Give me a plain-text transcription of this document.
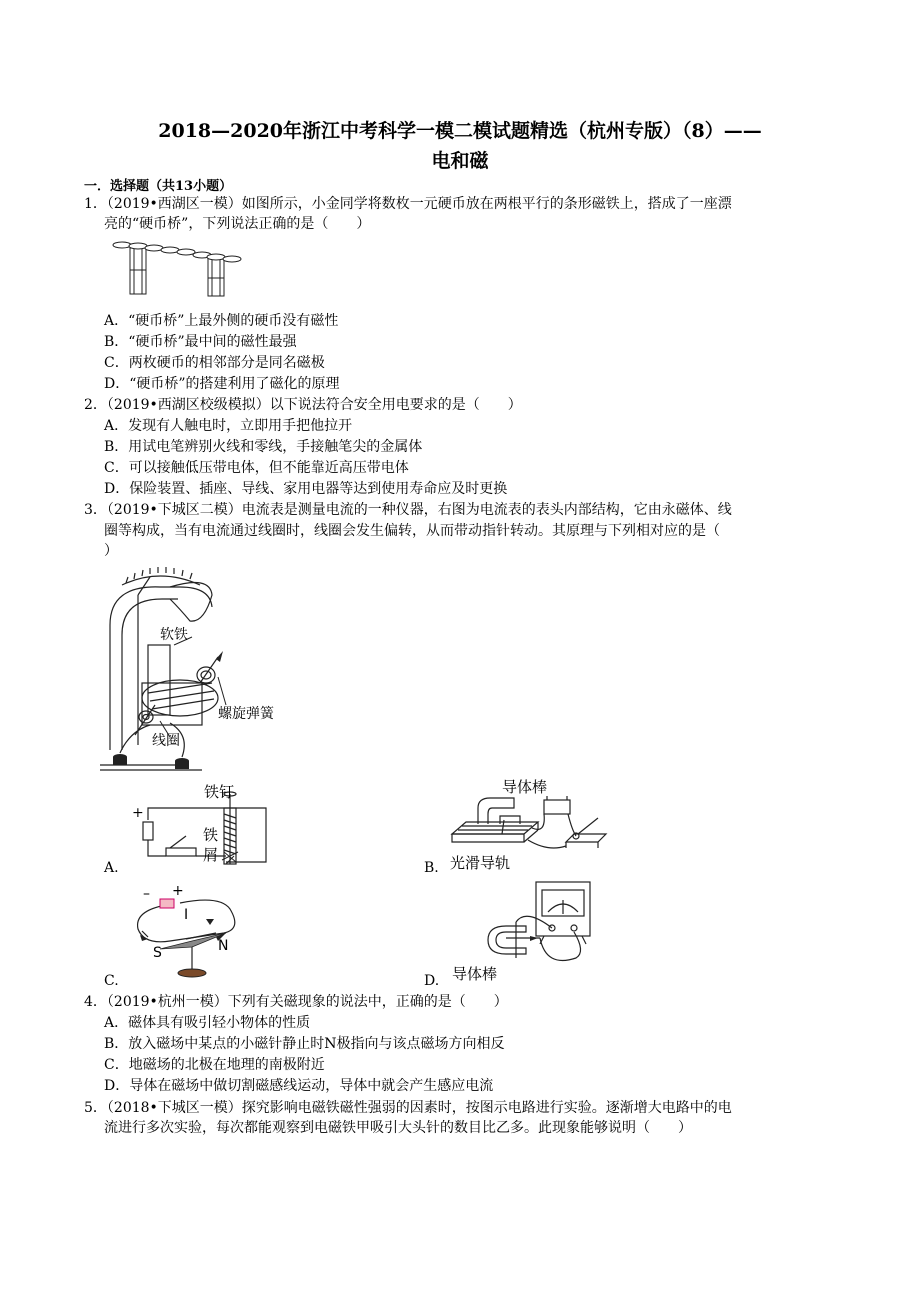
2018—2020年浙江中考科学一模二模试题精选（杭州专版）（8）——
电和磁
一．选择题（共13小题）
1．（2019•西湖区一模）如图所示，小金同学将数枚一元硬币放在两根平行的条形磁铁上，搭成了一座漂
亮的“硬币桥”，下列说法正确的是（　　）
A．“硬币桥”上最外侧的硬币没有磁性
B．“硬币桥”最中间的磁性最强
C．两枚硬币的相邻部分是同名磁极
D．“硬币桥”的搭建利用了磁化的原理
2．（2019•西湖区校级模拟）以下说法符合安全用电要求的是（　　）
A．发现有人触电时，立即用手把他拉开
B．用试电笔辨别火线和零线，手接触笔尖的金属体
C．可以接触低压带电体，但不能靠近高压带电体
D．保险装置、插座、导线、家用电器等达到使用寿命应及时更换
3．（2019•下城区二模）电流表是测量电流的一种仪器，右图为电流表的表头内部结构，它由永磁体、线
圈等构成，当有电流通过线圈时，线圈会发生偏转，从而带动指针转动。其原理与下列相对应的是（
）
软铁
螺旋弹簧
线圈
+
铁钉
铁
屑
A.
导体棒
光滑导轨
B.
– +
I
N
S
C.	导体棒
D.
4．（2019•杭州一模）下列有关磁现象的说法中，正确的是（　　）
A．磁体具有吸引轻小物体的性质
B．放入磁场中某点的小磁针静止时N极指向与该点磁场方向相反
C．地磁场的北极在地理的南极附近
D．导体在磁场中做切割磁感线运动，导体中就会产生感应电流
5．（2018•下城区一模）探究影响电磁铁磁性强弱的因素时，按图示电路进行实验。逐渐增大电路中的电
流进行多次实验，每次都能观察到电磁铁甲吸引大头针的数目比乙多。此现象能够说明（　　）
